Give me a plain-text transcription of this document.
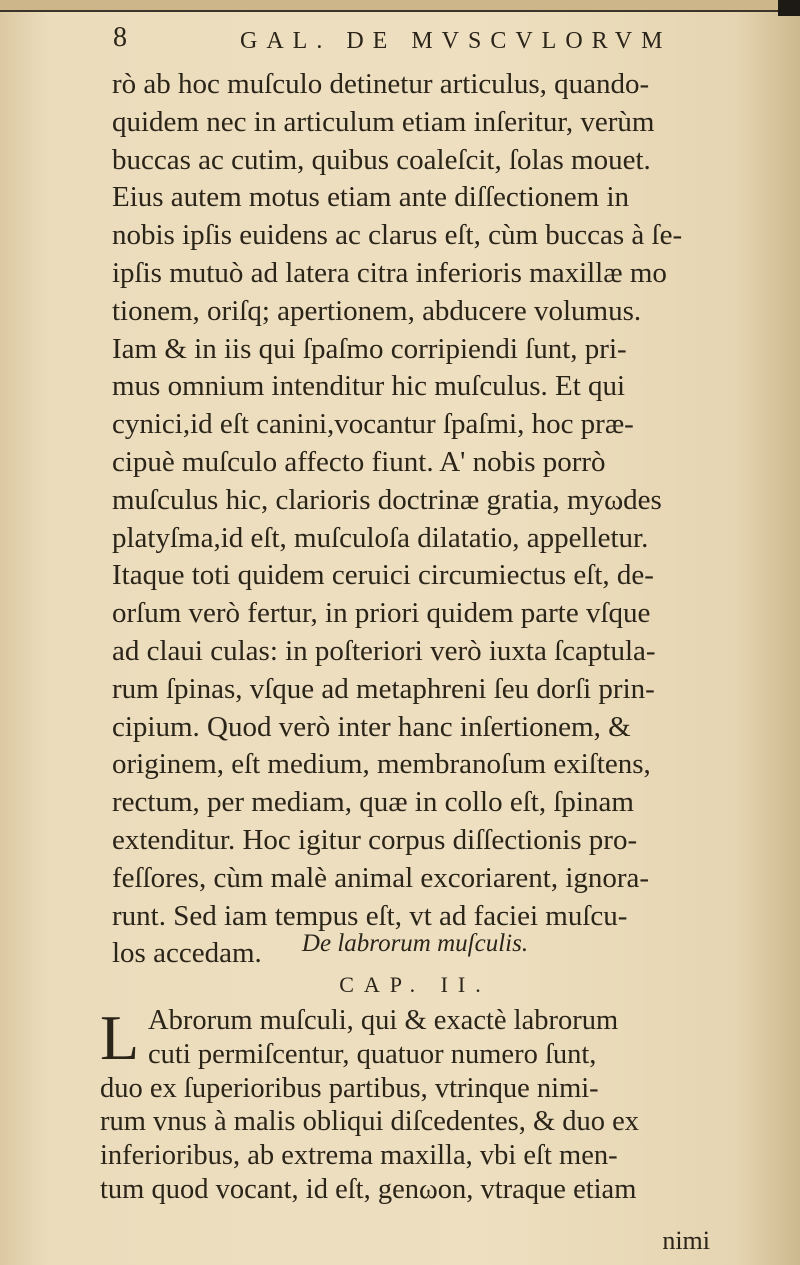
8	GAL. DE MVSCVLORVM
rò ab hoc muſculo detinetur articulus, quando-
quidem nec in articulum etiam inſeritur, verùm
buccas ac cutim, quibus coaleſcit, ſolas mouet.
Eius autem motus etiam ante diſſectionem in
nobis ipſis euidens ac clarus eſt, cùm buccas à ſe-
ipſis mutuò ad latera citra inferioris maxillæ mo
tionem, oriſq; apertionem, abducere volumus.
Iam & in iis qui ſpaſmo corripiendi ſunt, pri-
mus omnium intenditur hic muſculus. Et qui
cynici,id eſt canini,vocantur ſpaſmi, hoc præ-
cipuè muſculo affecto fiunt. A' nobis porrò
muſculus hic, clarioris doctrinæ gratia, myωdes
platyſma,id eſt, muſculoſa dilatatio, appelletur.
Itaque toti quidem ceruici circumiectus eſt, de-
orſum verò fertur, in priori quidem parte vſque
ad claui culas: in poſteriori verò iuxta ſcaptula-
rum ſpinas, vſque ad metaphreni ſeu dorſi prin-
cipium. Quod verò inter hanc inſertionem, &
originem, eſt medium, membranoſum exiſtens,
rectum, per mediam, quæ in collo eſt, ſpinam
extenditur. Hoc igitur corpus diſſectionis pro-
feſſores, cùm malè animal excoriarent, ignora-
runt. Sed iam tempus eſt, vt ad faciei muſcu-
los accedam.	De labrorum muſculis.
CAP. II.
L Abrorum muſculi, qui & exactè labrorum
cuti permiſcentur, quatuor numero ſunt,
duo ex ſuperioribus partibus, vtrinque nimi-
rum vnus à malis obliqui diſcedentes, & duo ex
inferioribus, ab extrema maxilla, vbi eſt men-
tum quod vocant, id eſt, genωon, vtraque etiam
nimi
